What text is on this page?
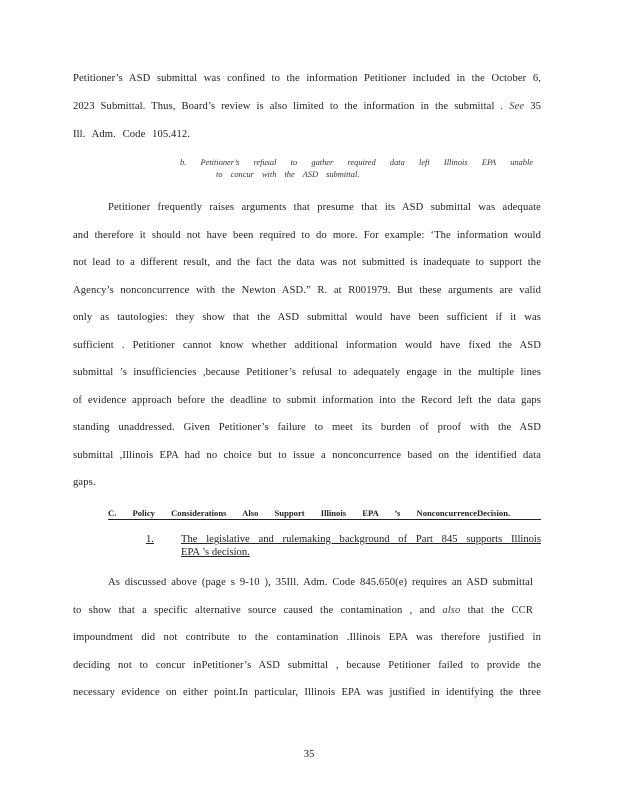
Petitioner’s ASD submittal was confined to the information Petitioner included in the October 6,
2023 Submittal. Thus, Board’s review is also limited to the information in the submittal . See 35
Ill. Adm. Code 105.412.
b. Petitioner’s refusal to gather required data left Illinois EPA unable
to concur with the ASD submittal.
Petitioner frequently raises arguments that presume that its ASD submittal was adequate
and therefore it should not have been required to do more. For example: ‘The information would
not lead to a different result, and the fact the data was not submitted is inadequate to support the
Agency’s nonconcurrence with the Newton ASD.” R. at R001979. But these arguments are valid
only as tautologies: they show that the ASD submittal would have been sufficient if it was
sufficient . Petitioner cannot know whether additional information would have fixed the ASD
submittal ’s insufficiencies ,because Petitioner’s refusal to adequately engage in the multiple lines
of evidence approach before the deadline to submit information into the Record left the data gaps
standing unaddressed. Given Petitioner’s failure to meet its burden of proof with the ASD
submittal ,Illinois EPA had no choice but to issue a nonconcurrence based on the identified data
gaps.
C. Policy Considerations Also Support Illinois EPA ’s NonconcurrenceDecision.
1.	The legislative and rulemaking background of Part 845 supports Illinois
EPA ’s decision.
As discussed above (page s 9-10 ), 35Ill. Adm. Code 845.650(e) requires an ASD submittal
to show that a specific alternative source caused the contamination , and also that the CCR
impoundment did not contribute to the contamination .Illinois EPA was therefore justified in
deciding not to concur inPetitioner’s ASD submittal , because Petitioner failed to provide the
necessary evidence on either point.In particular, Illinois EPA was justified in identifying the three
35
